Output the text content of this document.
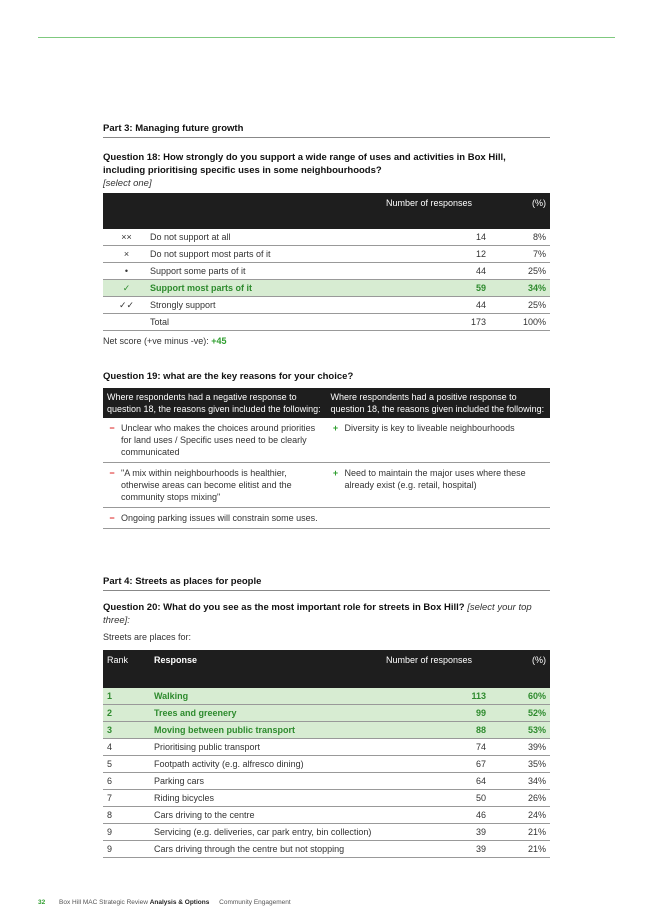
Part 3: Managing future growth
Question 18: How strongly do you support a wide range of uses and activities in Box Hill, including prioritising specific uses in some neighbourhoods?
[select one]
		Number of responses	(%)
××	Do not support at all	14	8%
×	Do not support most parts of it	12	7%
•	Support some parts of it	44	25%
✓	Support most parts of it	59	34%
✓✓	Strongly support	44	25%
	Total	173	100%
Net score (+ve minus -ve): +45
Question 19: what are the key reasons for your choice?
Where respondents had a negative response to question 18, the reasons given included the following:	Where respondents had a positive response to question 18, the reasons given included the following:

− Unclear who makes the choices around priorities for land uses / Specific uses need to be clearly communicated	+ Diversity is key to liveable neighbourhoods

− "A mix within neighbourhoods is healthier, otherwise areas can become elitist and the community stops mixing"	+ Need to maintain the major uses where these already exist (e.g. retail, hospital)

− Ongoing parking issues will constrain some uses.	

Part 4: Streets as places for people
Question 20: What do you see as the most important role for streets in Box Hill? [select your top three]:
Streets are places for:
Rank	Response	Number of responses	(%)
1	Walking	113	60%
2	Trees and greenery	99	52%
3	Moving between public transport	88	53%
4	Prioritising public transport	74	39%
5	Footpath activity (e.g. alfresco dining)	67	35%
6	Parking cars	64	34%
7	Riding bicycles	50	26%
8	Cars driving to the centre	46	24%
9	Servicing (e.g. deliveries, car park entry, bin collection)	39	21%
9	Cars driving through the centre but not stopping	39	21%
32 Box Hill MAC Strategic Review Analysis & Options Community Engagement
